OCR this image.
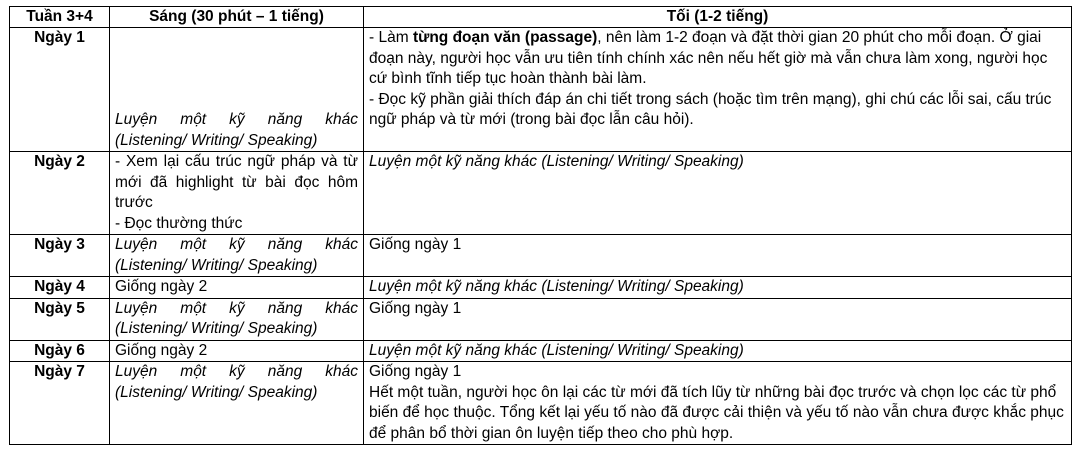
Tuần 3+4	Sáng (30 phút – 1 tiếng)	Tối (1-2 tiếng)
Ngày 1	Luyện một kỹ năng khác (Listening/ Writing/ Speaking)	- Làm từng đoạn văn (passage), nên làm 1-2 đoạn và đặt thời gian 20 phút cho mỗi đoạn. Ở giai đoạn này, người học vẫn ưu tiên tính chính xác nên nếu hết giờ mà vẫn chưa làm xong, người học cứ bình tĩnh tiếp tục hoàn thành bài làm.
- Đọc kỹ phần giải thích đáp án chi tiết trong sách (hoặc tìm trên mạng), ghi chú các lỗi sai, cấu trúc ngữ pháp và từ mới (trong bài đọc lẫn câu hỏi).

Ngày 2	- Xem lại cấu trúc ngữ pháp và từ mới đã highlight từ bài đọc hôm trước
- Đọc thường thức	Luyện một kỹ năng khác (Listening/ Writing/ Speaking)
Ngày 3	Luyện một kỹ năng khác (Listening/ Writing/ Speaking)	Giống ngày 1
Ngày 4	Giống ngày 2	Luyện một kỹ năng khác (Listening/ Writing/ Speaking)
Ngày 5	Luyện một kỹ năng khác (Listening/ Writing/ Speaking)	Giống ngày 1
Ngày 6	Giống ngày 2	Luyện một kỹ năng khác (Listening/ Writing/ Speaking)
Ngày 7	Luyện một kỹ năng khác (Listening/ Writing/ Speaking)	Giống ngày 1
Hết một tuần, người học ôn lại các từ mới đã tích lũy từ những bài đọc trước và chọn lọc các từ phổ biến để học thuộc. Tổng kết lại yếu tố nào đã được cải thiện và yếu tố nào vẫn chưa được khắc phục để phân bổ thời gian ôn luyện tiếp theo cho phù hợp.
